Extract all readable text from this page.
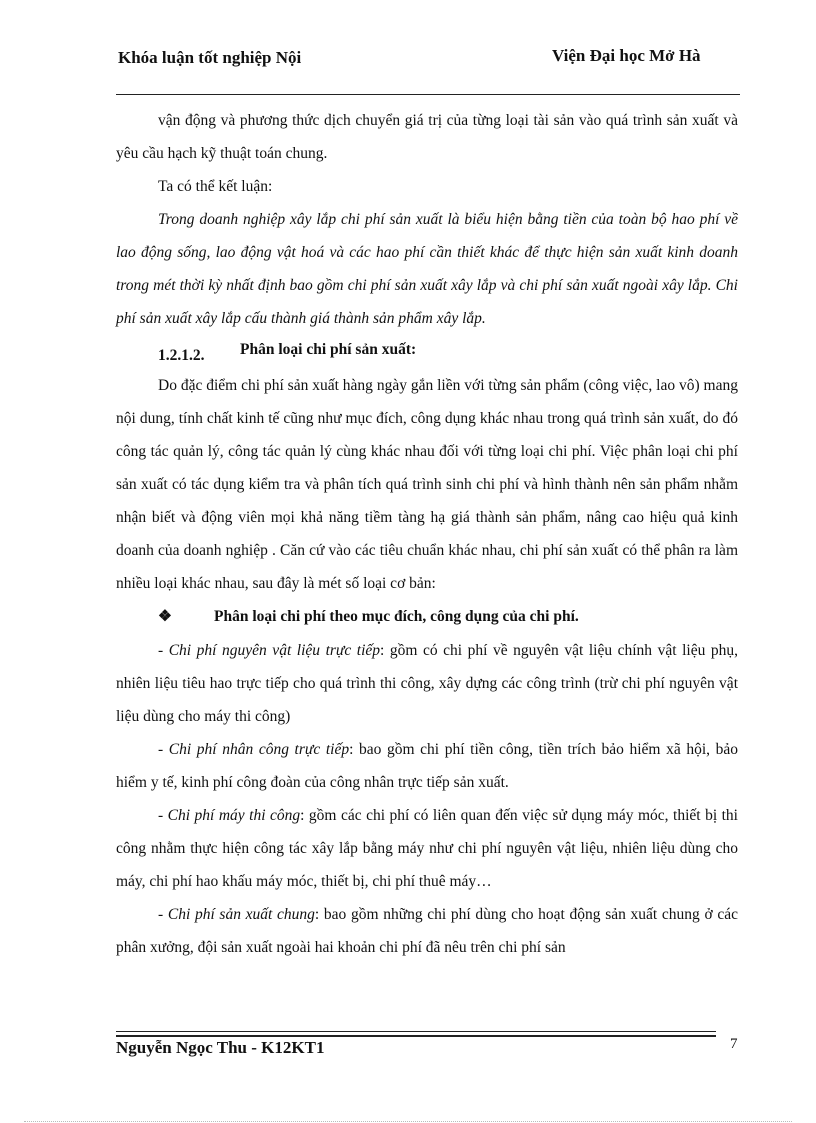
Khóa luận tốt nghiệp Nội	Viện Đại học Mở Hà

vận động và phương thức dịch chuyển giá trị của từng loại tài sản vào quá trình sản xuất và yêu cầu hạch kỹ thuật toán chung.

Ta có thể kết luận:

Trong doanh nghiệp xây lắp chi phí sản xuất là biểu hiện bằng tiền của toàn bộ hao phí về lao động sống, lao động vật hoá và các hao phí cần thiết khác để thực hiện sản xuất kinh doanh trong mét thời kỳ nhất định bao gồm chi phí sản xuất xây lắp và chi phí sản xuất ngoài xây lắp. Chi phí sản xuất xây lắp cấu thành giá thành sản phẩm xây lắp.

1.2.1.2. Phân loại chi phí sản xuất:

Do đặc điểm chi phí sản xuất hàng ngày gắn liền với từng sản phẩm (công việc, lao vô) mang nội dung, tính chất kinh tế cũng như mục đích, công dụng khác nhau trong quá trình sản xuất, do đó công tác quản lý, công tác quản lý cùng khác nhau đối với từng loại chi phí. Việc phân loại chi phí sản xuất có tác dụng kiểm tra và phân tích quá trình sinh chi phí và hình thành nên sản phẩm nhằm nhận biết và động viên mọi khả năng tiềm tàng hạ giá thành sản phẩm, nâng cao hiệu quả kinh doanh của doanh nghiệp . Căn cứ vào các tiêu chuẩn khác nhau, chi phí sản xuất có thể phân ra làm nhiều loại khác nhau, sau đây là mét số loại cơ bản:

❖	Phân loại chi phí theo mục đích, công dụng của chi phí.

- Chi phí nguyên vật liệu trực tiếp: gồm có chi phí về nguyên vật liệu chính vật liệu phụ, nhiên liệu tiêu hao trực tiếp cho quá trình thi công, xây dựng các công trình (trừ chi phí nguyên vật liệu dùng cho máy thi công)

- Chi phí nhân công trực tiếp: bao gồm chi phí tiền công, tiền trích bảo hiểm xã hội, bảo hiểm y tế, kinh phí công đoàn của công nhân trực tiếp sản xuất.

- Chi phí máy thi công: gồm các chi phí có liên quan đến việc sử dụng máy móc, thiết bị thi công nhằm thực hiện công tác xây lắp bằng máy như chi phí nguyên vật liệu, nhiên liệu dùng cho máy, chi phí hao khấu máy móc, thiết bị, chi phí thuê máy…

- Chi phí sản xuất chung: bao gồm những chi phí dùng cho hoạt động sản xuất chung ở các phân xưởng, đội sản xuất ngoài hai khoản chi phí đã nêu trên chi phí sản

Nguyễn Ngọc Thu - K12KT1	7
